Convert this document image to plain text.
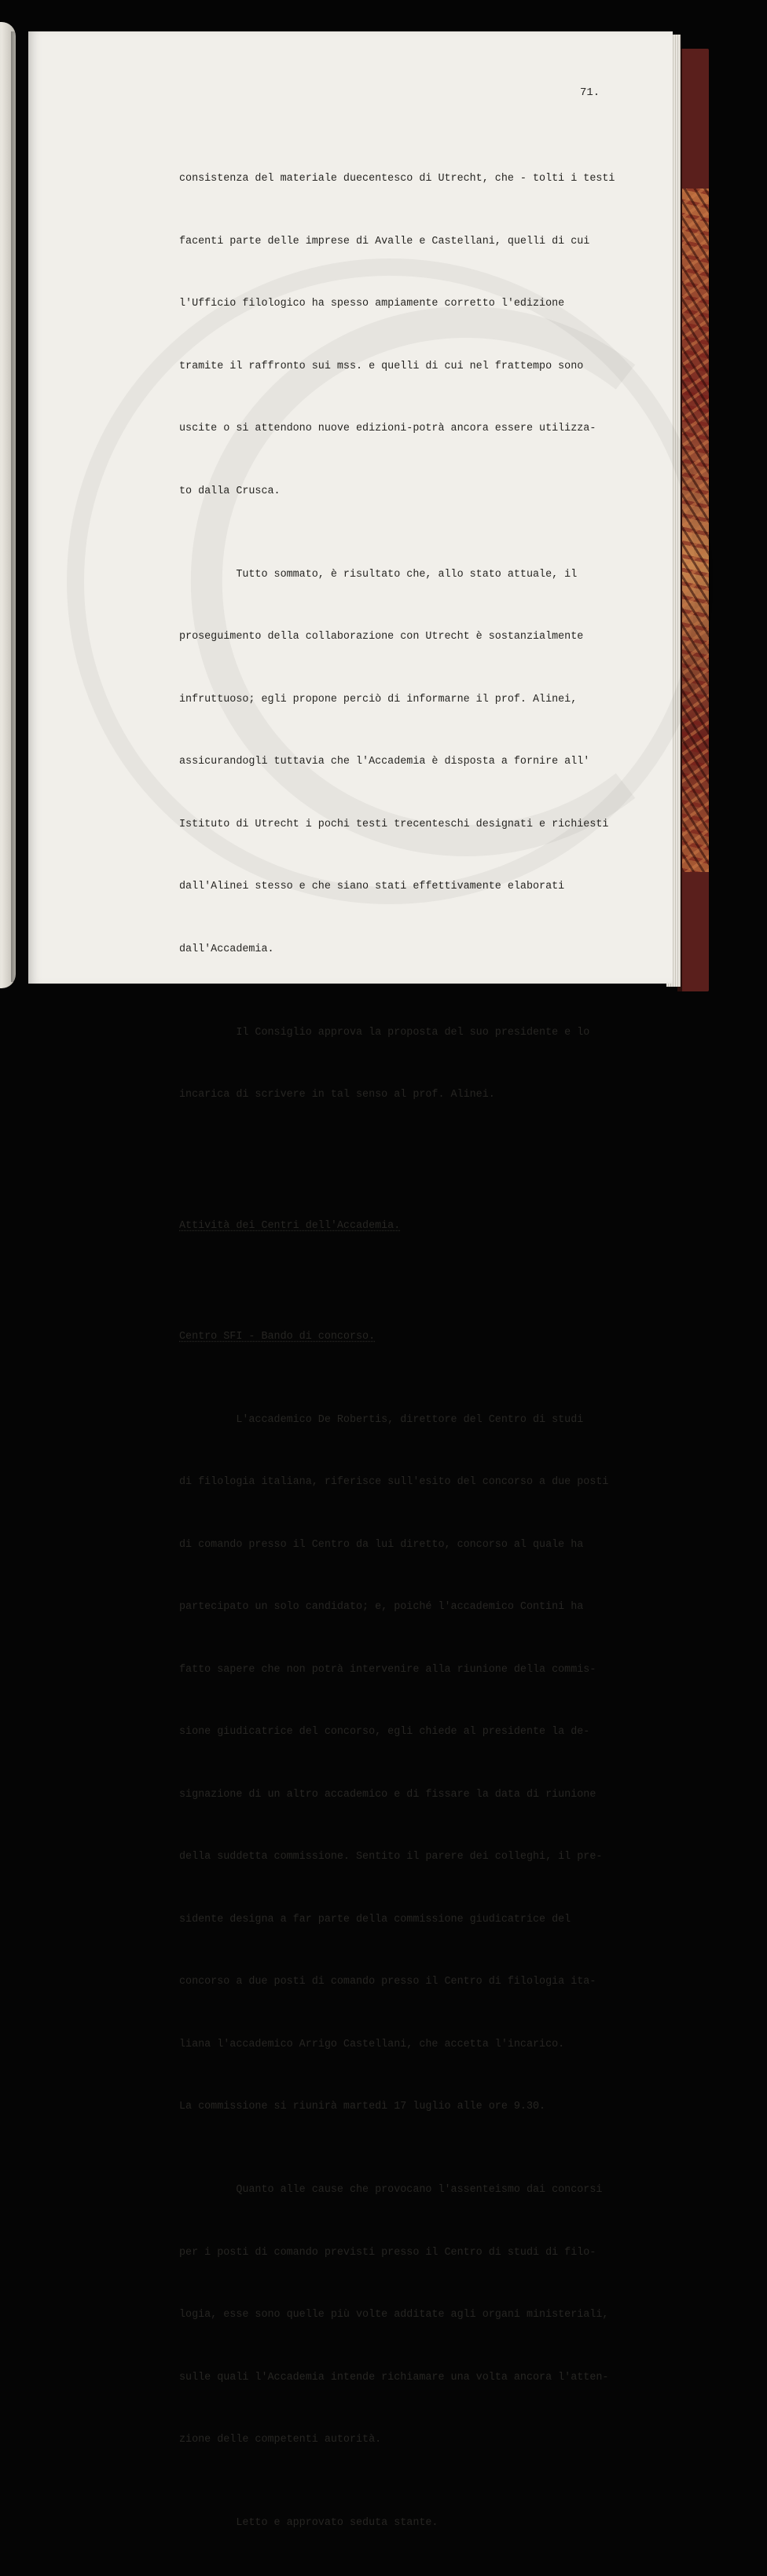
71.

consistenza del materiale duecentesco di Utrecht, che - tolti i testi

facenti parte delle imprese di Avalle e Castellani, quelli di cui

l'Ufficio filologico ha spesso ampiamente corretto l'edizione

tramite il raffronto sui mss. e quelli di cui nel frattempo sono

uscite o si attendono nuove edizioni-potrà ancora essere utilizza-

to dalla Crusca.

Tutto sommato, è risultato che, allo stato attuale, il

proseguimento della collaborazione con Utrecht è sostanzialmente

infruttuoso; egli propone perciò di informarne il prof. Alinei,

assicurandogli tuttavia che l'Accademia è disposta a fornire all'

Istituto di Utrecht i pochi testi trecenteschi designati e richiesti

dall'Alinei stesso e che siano stati effettivamente elaborati

dall'Accademia.

Il Consiglio approva la proposta del suo presidente e lo

incarica di scrivere in tal senso al prof. Alinei.

Attività dei Centri dell'Accademia.

Centro SFI - Bando di concorso.

L'accademico De Robertis, direttore del Centro di studi

di filologia italiana, riferisce sull'esito del concorso a due posti

di comando presso il Centro da lui diretto, concorso al quale ha

partecipato un solo candidato; e, poiché l'accademico Contini ha

fatto sapere che non potrà intervenire alla riunione della commis-

sione giudicatrice del concorso, egli chiede al presidente la de-

signazione di un altro accademico e di fissare la data di riunione

della suddetta commissione. Sentito il parere dei colleghi, il pre-

sidente designa a far parte della commissione giudicatrice del

concorso a due posti di comando presso il Centro di filologia ita-

liana l'accademico Arrigo Castellani, che accetta l'incarico.

La commissione si riunirà martedì 17 luglio alle ore 9.30.

Quanto alle cause che provocano l'assenteismo dai concorsi

per i posti di comando previsti presso il Centro di studi di filo-

logia, esse sono quelle più volte additate agli organi ministeriali,

sulle quali l'Accademia intende richiamare una volta ancora l'atten-

zione delle competenti autorità.

Letto e approvato seduta stante.
